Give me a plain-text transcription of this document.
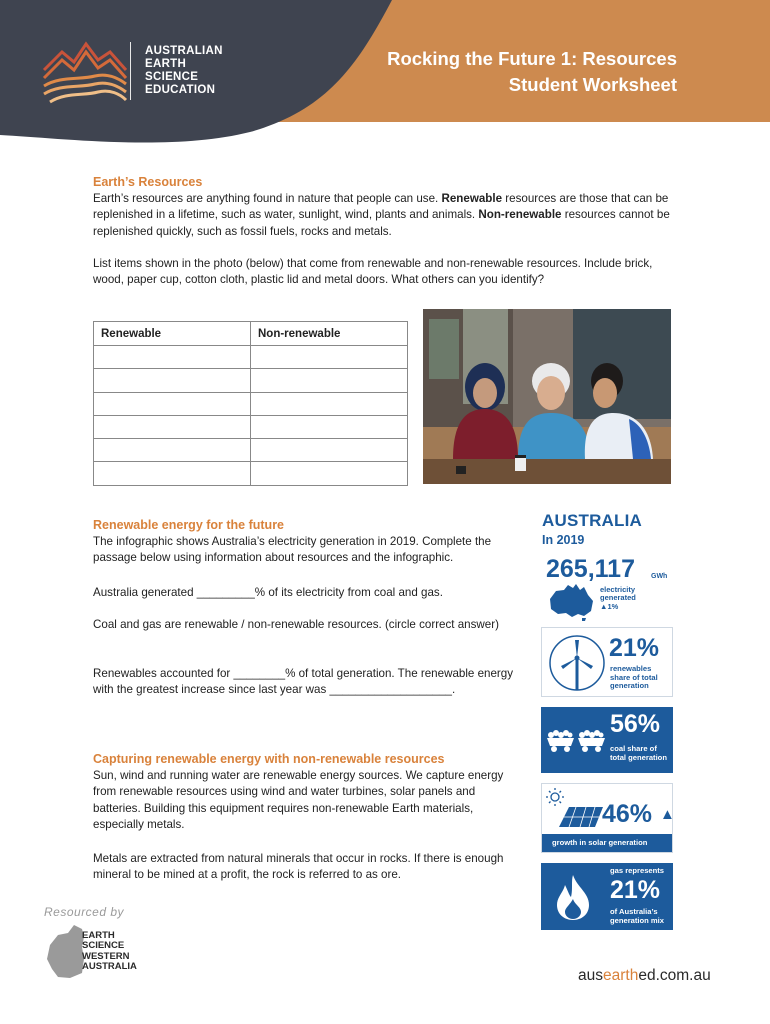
AUSTRALIAN
EARTH
SCIENCE
EDUCATION
Rocking the Future 1: Resources
Student Worksheet
Earth’s Resources
Earth’s resources are anything found in nature that people can use. Renewable resources are those that can be replenished in a lifetime, such as water, sunlight, wind, plants and animals. Non-renewable resources cannot be replenished quickly, such as fossil fuels, rocks and metals.
List items shown in the photo (below) that come from renewable and non-renewable resources. Include brick, wood, paper cup, cotton cloth, plastic lid and metal doors. What others can you identify?
Renewable	Non-renewable

Renewable energy for the future
The infographic shows Australia’s electricity generation in 2019. Complete the passage below using information about resources and the infographic.
Australia generated _________% of its electricity from coal and gas.
Coal and gas are renewable / non-renewable resources. (circle correct answer)
Renewables accounted for ________% of total generation. The renewable energy with the greatest increase since last year was ___________________.
Capturing renewable energy with non-renewable resources
Sun, wind and running water are renewable energy sources. We capture energy from renewable resources using wind and water turbines, solar panels and batteries. Building this equipment requires non-renewable Earth materials, especially metals.
Metals are extracted from natural minerals that occur in rocks. If there is enough mineral to be mined at a profit, the rock is referred to as ore.
AUSTRALIA
In 2019
265,117 GWh
electricity
generated
▲1%
21%
renewables
share of total
generation
56%
coal share of
total generation
46% ▲
growth in solar generation
gas represents
21%
of Australia’s
generation mix
Resourced by
EARTH
SCIENCE
WESTERN
AUSTRALIA
ausearthed.com.au
